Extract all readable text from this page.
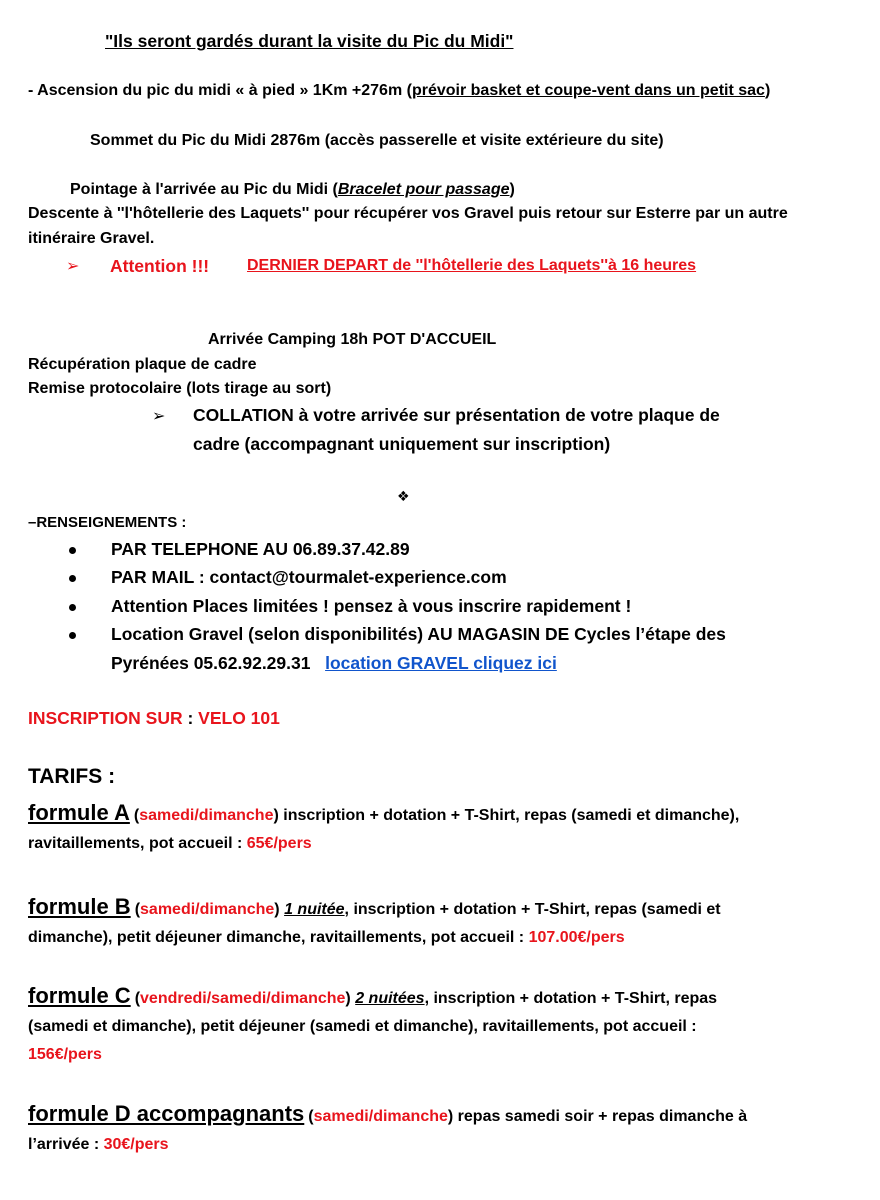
"Ils seront gardés durant la visite du Pic du Midi"
- Ascension du pic du midi « à pied » 1Km +276m (prévoir basket et coupe-vent dans un petit sac)
Sommet du Pic du Midi 2876m (accès passerelle et visite extérieure du site)
Pointage à l'arrivée au Pic du Midi (Bracelet pour passage)
Descente à ''l'hôtellerie des Laquets'' pour récupérer vos Gravel puis retour sur Esterre par un autre
itinéraire Gravel.
➢ Attention !!! DERNIER DEPART de ''l'hôtellerie des Laquets''à 16 heures
Arrivée Camping 18h POT D'ACCUEIL
Récupération plaque de cadre
Remise protocolaire (lots tirage au sort)
➢ COLLATION à votre arrivée sur présentation de votre plaque de
cadre (accompagnant uniquement sur inscription)
❖
–RENSEIGNEMENTS :
PAR TELEPHONE AU 06.89.37.42.89
PAR MAIL : contact@tourmalet-experience.com
Attention Places limitées ! pensez à vous inscrire rapidement !
Location Gravel (selon disponibilités) AU MAGASIN DE Cycles l’étape des
Pyrénées 05.62.92.29.31 location GRAVEL cliquez ici
INSCRIPTION SUR : VELO 101
TARIFS :
formule A (samedi/dimanche) inscription + dotation + T-Shirt, repas (samedi et dimanche),
ravitaillements, pot accueil : 65€/pers
formule B (samedi/dimanche) 1 nuitée, inscription + dotation + T-Shirt, repas (samedi et
dimanche), petit déjeuner dimanche, ravitaillements, pot accueil : 107.00€/pers
formule C (vendredi/samedi/dimanche) 2 nuitées, inscription + dotation + T-Shirt, repas
(samedi et dimanche), petit déjeuner (samedi et dimanche), ravitaillements, pot accueil :
156€/pers
formule D accompagnants (samedi/dimanche) repas samedi soir + repas dimanche à
l’arrivée : 30€/pers
